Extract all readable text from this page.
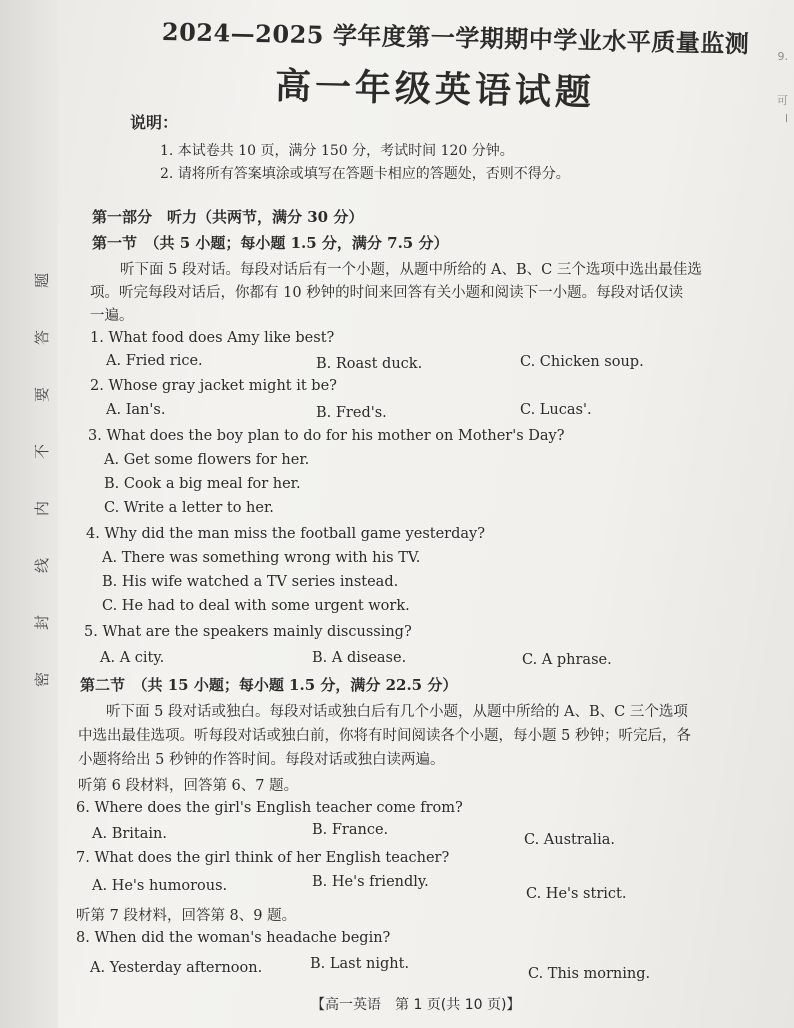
题
答
要
不
内
线
封
密
9.
可
l
2024—2025 学年度第一学期期中学业水平质量监测
高一年级英语试题
说明：
1. 本试卷共 10 页，满分 150 分，考试时间 120 分钟。
2. 请将所有答案填涂或填写在答题卡相应的答题处，否则不得分。
第一部分　听力（共两节，满分 30 分）
第一节　（共 5 小题；每小题 1.5 分，满分 7.5 分）
听下面 5 段对话。每段对话后有一个小题，从题中所给的 A、B、C 三个选项中选出最佳选
项。听完每段对话后，你都有 10 秒钟的时间来回答有关小题和阅读下一小题。每段对话仅读
一遍。
1. What food does Amy like best?
A. Fried rice.	B. Roast duck.	C. Chicken soup.
2. Whose gray jacket might it be?
A. Ian's.	B. Fred's.	C. Lucas'.
3. What does the boy plan to do for his mother on Mother's Day?
A. Get some flowers for her.
B. Cook a big meal for her.
C. Write a letter to her.
4. Why did the man miss the football game yesterday?
A. There was something wrong with his TV.
B. His wife watched a TV series instead.
C. He had to deal with some urgent work.
5. What are the speakers mainly discussing?
A. A city.	B. A disease.	C. A phrase.
第二节　（共 15 小题；每小题 1.5 分，满分 22.5 分）
听下面 5 段对话或独白。每段对话或独白后有几个小题，从题中所给的 A、B、C 三个选项
中选出最佳选项。听每段对话或独白前，你将有时间阅读各个小题，每小题 5 秒钟；听完后，各
小题将给出 5 秒钟的作答时间。每段对话或独白读两遍。
听第 6 段材料，回答第 6、7 题。
6. Where does the girl's English teacher come from?
A. Britain.	B. France.
C. Australia.
7. What does the girl think of her English teacher?
A. He's humorous.	B. He's friendly.
C. He's strict.
听第 7 段材料，回答第 8、9 题。
8. When did the woman's headache begin?
A. Yesterday afternoon.	B. Last night.
C. This morning.
【高一英语　第 1 页(共 10 页)】
